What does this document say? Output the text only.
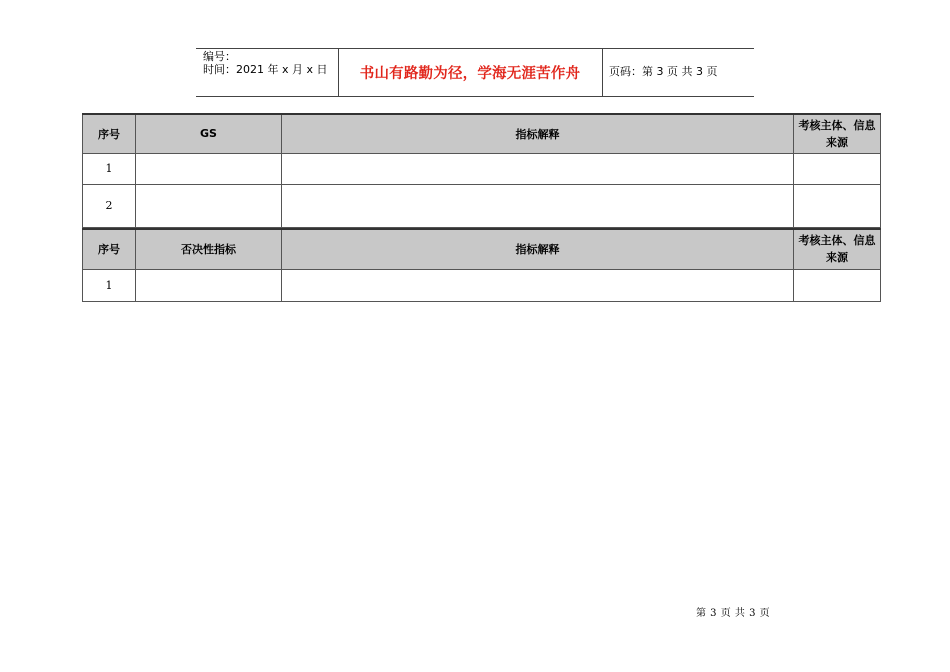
编号：
时间：2021 年 x 月 x 日	书山有路勤为径，学海无涯苦作舟	页码：第 3 页 共 3 页
序号	GS	指标解释	考核主体、信息来源
1			
2			
序号	否决性指标	指标解释	考核主体、信息来源
1			
第 3 页 共 3 页
